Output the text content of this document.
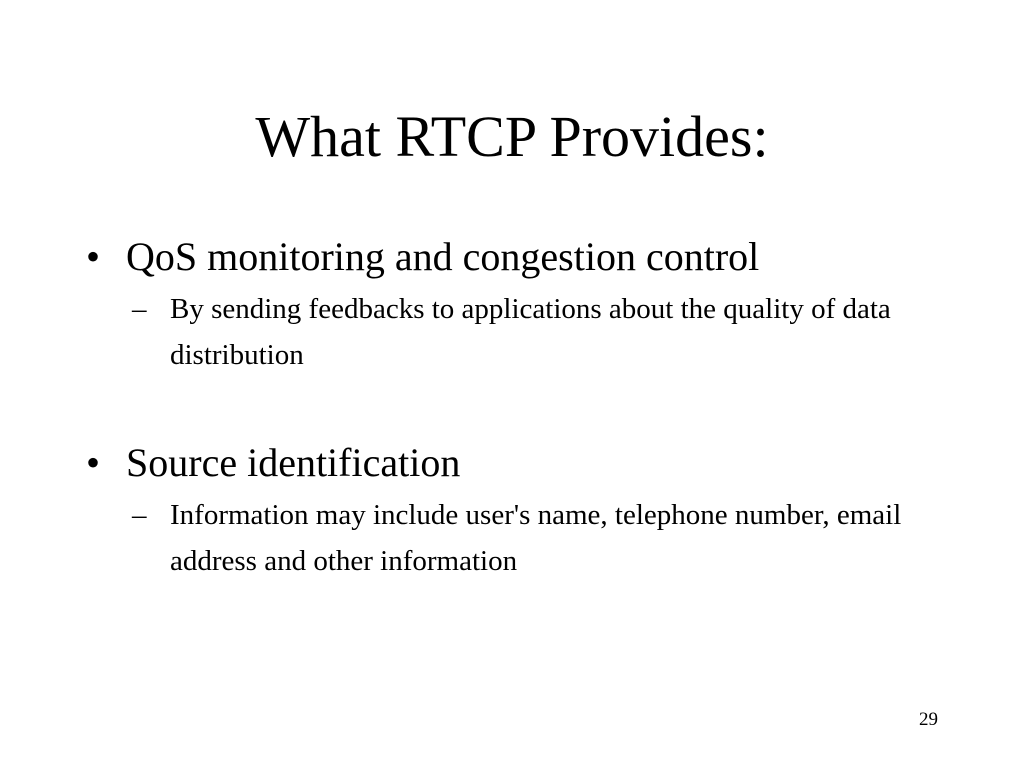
What RTCP Provides:
• QoS monitoring and congestion control
– By sending feedbacks to applications about the quality of data distribution
• Source identification
– Information may include user's name, telephone number, email address and other information
29
